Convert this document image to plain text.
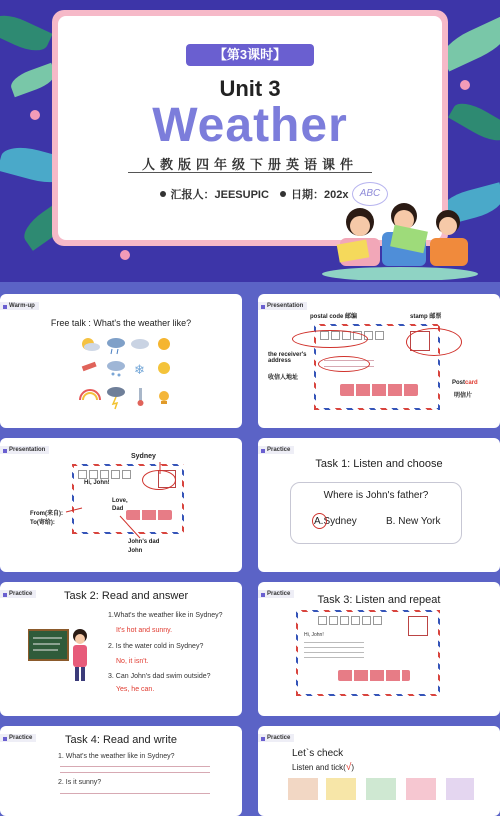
【第3课时】
Unit 3
Weather
人教版四年级下册英语课件
汇报人：JEESUPIC 日期：202x	ABC
Warm-up
Free talk : What's the weather like?
❄
Presentation
postal code 邮编	stamp 邮票
the receiver's address
收信人地址
Postcard
明信片
Presentation
Sydney
Hi, John!
Love,
Dad
From(来自):
To(寄给):
John's dad
John
Practice
Task 1: Listen and choose
Where is John's father?
A.Sydney	B. New York
Practice	Task 2: Read and answer
1.What's the weather like in Sydney?
It's hot and sunny.
2. Is the water cold in Sydney?
No, it isn't.
3. Can John's dad swim outside?
Yes, he can.
Practice	Task 3: Listen and repeat
Hi, John!
Practice	Task 4: Read and write
1. What's the weather like in Sydney?
2. Is it sunny?
Practice
Let`s check
Listen and tick(√)
